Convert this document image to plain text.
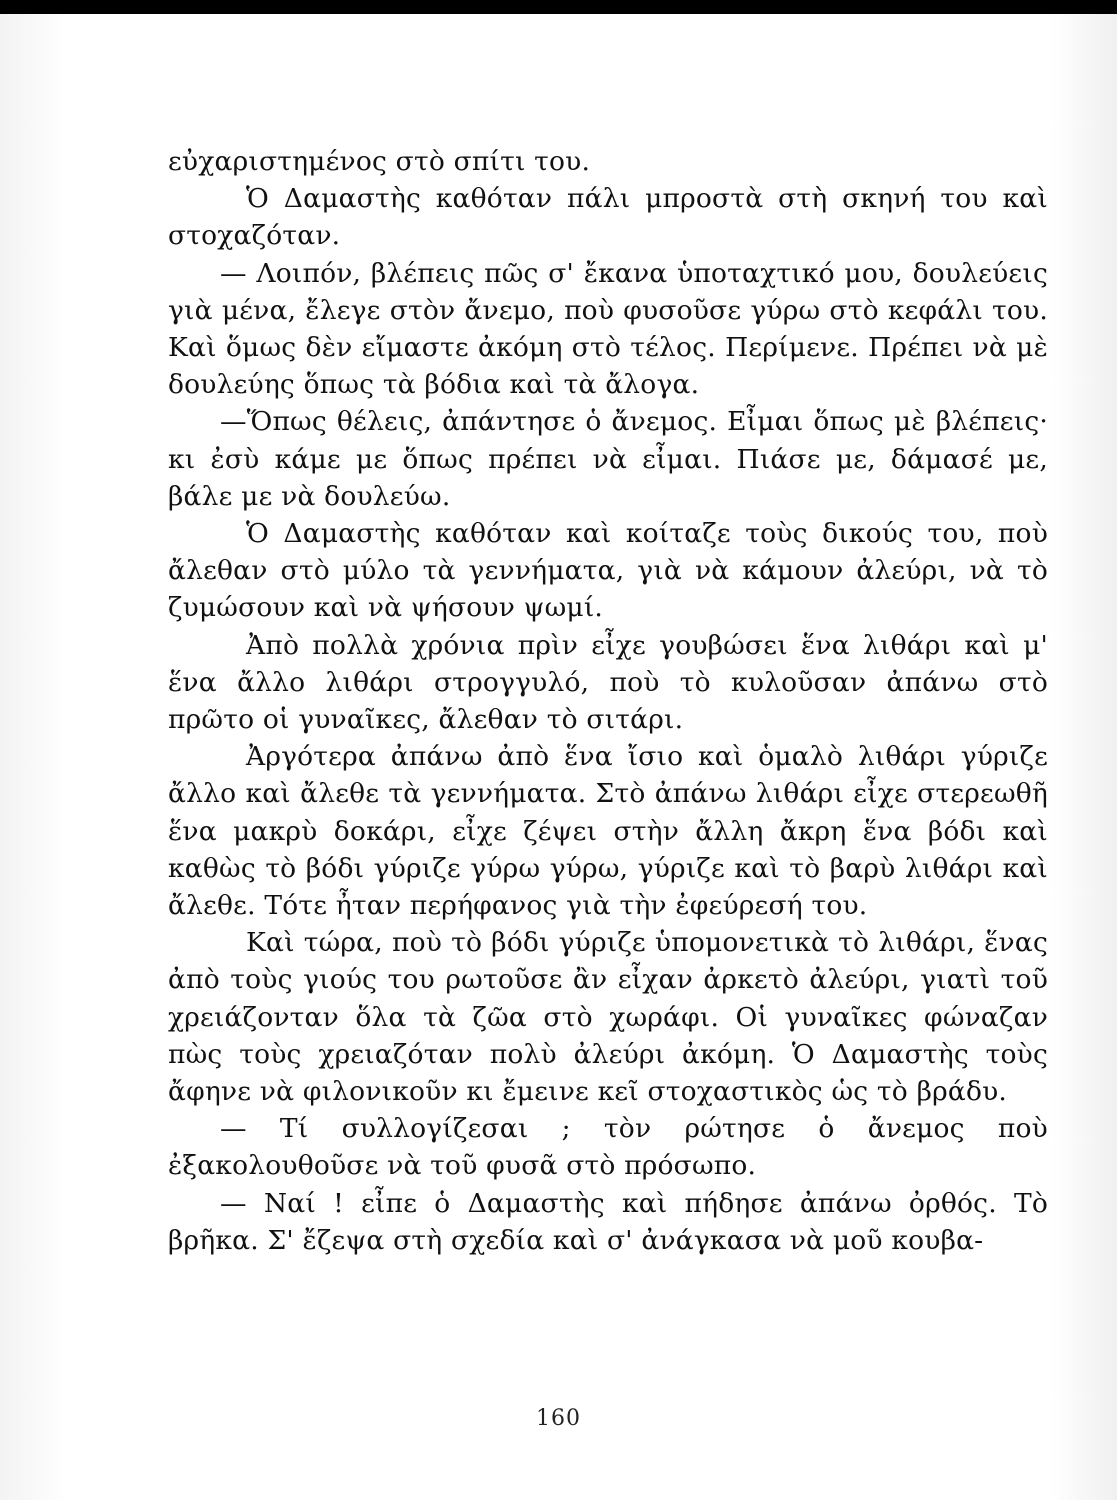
εὐχαριστημένος στὸ σπίτι του.

Ὁ Δαμαστὴς καθόταν πάλι μπροστὰ στὴ σκηνή του καὶ στοχαζόταν.

— Λοιπόν, βλέπεις πῶς σ' ἔκανα ὑποταχτικό μου, δουλεύεις γιὰ μένα, ἔλεγε στὸν ἄνεμο, ποὺ φυσοῦσε γύρω στὸ κεφάλι του. Καὶ ὅμως δὲν εἴμαστε ἀκόμη στὸ τέλος. Περίμενε. Πρέπει νὰ μὲ δουλεύης ὅπως τὰ βόδια καὶ τὰ ἄλογα.

—Ὅπως θέλεις, ἀπάντησε ὁ ἄνεμος. Εἶμαι ὅπως μὲ βλέπεις· κι ἐσὺ κάμε με ὅπως πρέπει νὰ εἶμαι. Πιάσε με, δάμασέ με, βάλε με νὰ δουλεύω.

Ὁ Δαμαστὴς καθόταν καὶ κοίταζε τοὺς δικούς του, ποὺ ἄλεθαν στὸ μύλο τὰ γεννήματα, γιὰ νὰ κάμουν ἀλεύρι, νὰ τὸ ζυμώσουν καὶ νὰ ψήσουν ψωμί.

Ἀπὸ πολλὰ χρόνια πρὶν εἶχε γουβώσει ἕνα λιθάρι καὶ μ' ἕνα ἄλλο λιθάρι στρογγυλό, ποὺ τὸ κυλοῦσαν ἀπάνω στὸ πρῶτο οἱ γυναῖκες, ἄλεθαν τὸ σιτάρι.

Ἀργότερα ἀπάνω ἀπὸ ἕνα ἴσιο καὶ ὁμαλὸ λιθάρι γύριζε ἄλλο καὶ ἄλεθε τὰ γεννήματα. Στὸ ἀπάνω λιθάρι εἶχε στερεωθῆ ἕνα μακρὺ δοκάρι, εἶχε ζέψει στὴν ἄλλη ἄκρη ἕνα βόδι καὶ καθὼς τὸ βόδι γύριζε γύρω γύρω, γύριζε καὶ τὸ βαρὺ λιθάρι καὶ ἄλεθε. Τότε ἦταν περήφανος γιὰ τὴν ἐφεύρεσή του.

Καὶ τώρα, ποὺ τὸ βόδι γύριζε ὑπομονετικὰ τὸ λιθάρι, ἕνας ἀπὸ τοὺς γιούς του ρωτοῦσε ἂν εἶχαν ἀρκετὸ ἀλεύρι, γιατὶ τοῦ χρειάζονταν ὅλα τὰ ζῶα στὸ χωράφι. Οἱ γυναῖκες φώναζαν πὼς τοὺς χρειαζόταν πολὺ ἀλεύρι ἀκόμη. Ὁ Δαμαστὴς τοὺς ἄφηνε νὰ φιλονικοῦν κι ἔμεινε κεῖ στοχαστικὸς ὡς τὸ βράδυ.

— Τί συλλογίζεσαι ; τὸν ρώτησε ὁ ἄνεμος ποὺ ἐξακολουθοῦσε νὰ τοῦ φυσᾶ στὸ πρόσωπο.

— Ναί ! εἶπε ὁ Δαμαστὴς καὶ πήδησε ἀπάνω ὀρθός. Τὸ βρῆκα. Σ' ἔζεψα στὴ σχεδία καὶ σ' ἀνάγκασα νὰ μοῦ κουβα-

160
